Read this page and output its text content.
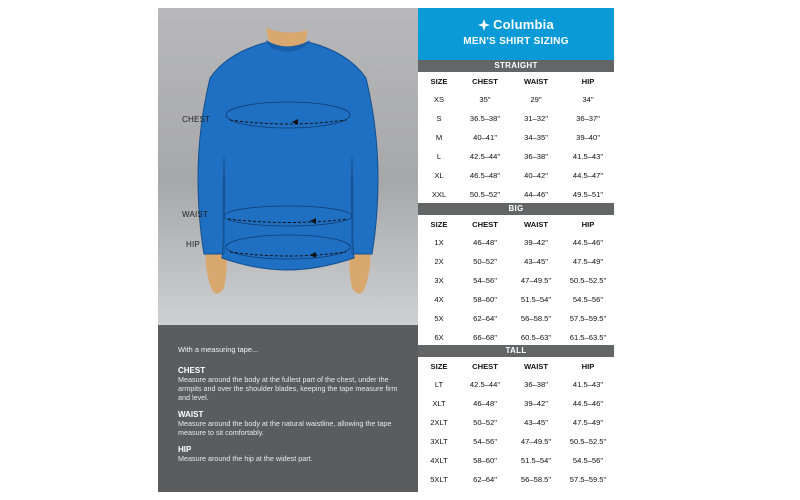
CHEST
WAIST
HIP
With a measuring tape...
CHEST
Measure around the body at the fullest part of the chest, under the armpits and over the shoulder blades, keeping the tape measure firm and level.
WAIST
Measure around the body at the natural waistline, allowing the tape measure to sit comfortably.
HIP
Measure around the hip at the widest part.
Columbia
MEN'S SHIRT SIZING
STRAIGHT
SIZE	CHEST	WAIST	HIP
XS	35"	29"	34"
S	36.5–38"	31–32"	36–37"
M	40–41"	34–35"	39–40"
L	42.5–44"	36–38"	41.5–43"
XL	46.5–48"	40–42"	44.5–47"
XXL	50.5–52"	44–46"	49.5–51"
BIG
SIZE	CHEST	WAIST	HIP
1X	46–48"	39–42"	44.5–46"
2X	50–52"	43–45"	47.5–49"
3X	54–56"	47–49.5"	50.5–52.5"
4X	58–60"	51.5–54"	54.5–56"
5X	62–64"	56–58.5"	57.5–59.5"
6X	66–68"	60.5–63"	61.5–63.5"
TALL
SIZE	CHEST	WAIST	HIP
LT	42.5–44"	36–38"	41.5–43"
XLT	46–48"	39–42"	44.5–46"
2XLT	50–52"	43–45"	47.5–49"
3XLT	54–56"	47–49.5"	50.5–52.5"
4XLT	58–60"	51.5–54"	54.5–56"
5XLT	62–64"	56–58.5"	57.5–59.5"
